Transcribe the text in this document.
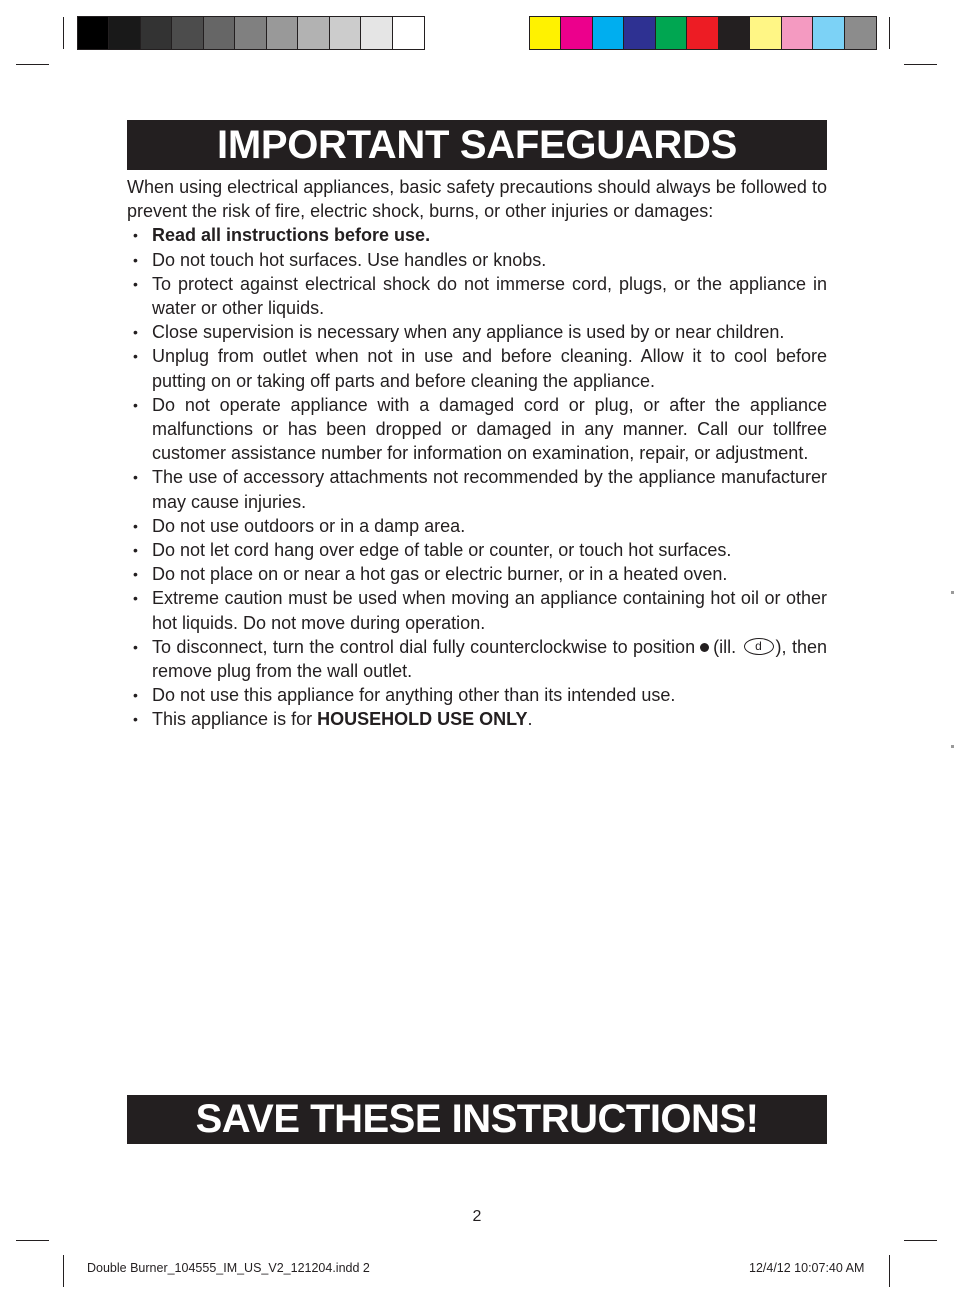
IMPORTANT SAFEGUARDS

When using electrical appliances, basic safety precautions should always be followed to prevent the risk of fire, electric shock, burns, or other injuries or damages:

• Read all instructions before use.
• Do not touch hot surfaces. Use handles or knobs.
• To protect against electrical shock do not immerse cord, plugs, or the appliance in water or other liquids.
• Close supervision is necessary when any appliance is used by or near children.
• Unplug from outlet when not in use and before cleaning. Allow it to cool before putting on or taking off parts and before cleaning the appliance.
• Do not operate appliance with a damaged cord or plug, or after the appliance malfunctions or has been dropped or damaged in any manner. Call our tollfree customer assistance number for information on examination, repair, or adjustment.
• The use of accessory attachments not recommended by the appliance manufacturer may cause injuries.
• Do not use outdoors or in a damp area.
• Do not let cord hang over edge of table or counter, or touch hot surfaces.
• Do not place on or near a hot gas or electric burner, or in a heated oven.
• Extreme caution must be used when moving an appliance containing hot oil or other hot liquids. Do not move during operation.
• To disconnect, turn the control dial fully counterclockwise to position (ill. d ), then remove plug from the wall outlet.
• Do not use this appliance for anything other than its intended use.
• This appliance is for HOUSEHOLD USE ONLY.
SAVE THESE INSTRUCTIONS!
2
Double Burner_104555_IM_US_V2_121204.indd 2	12/4/12 10:07:40 AM
